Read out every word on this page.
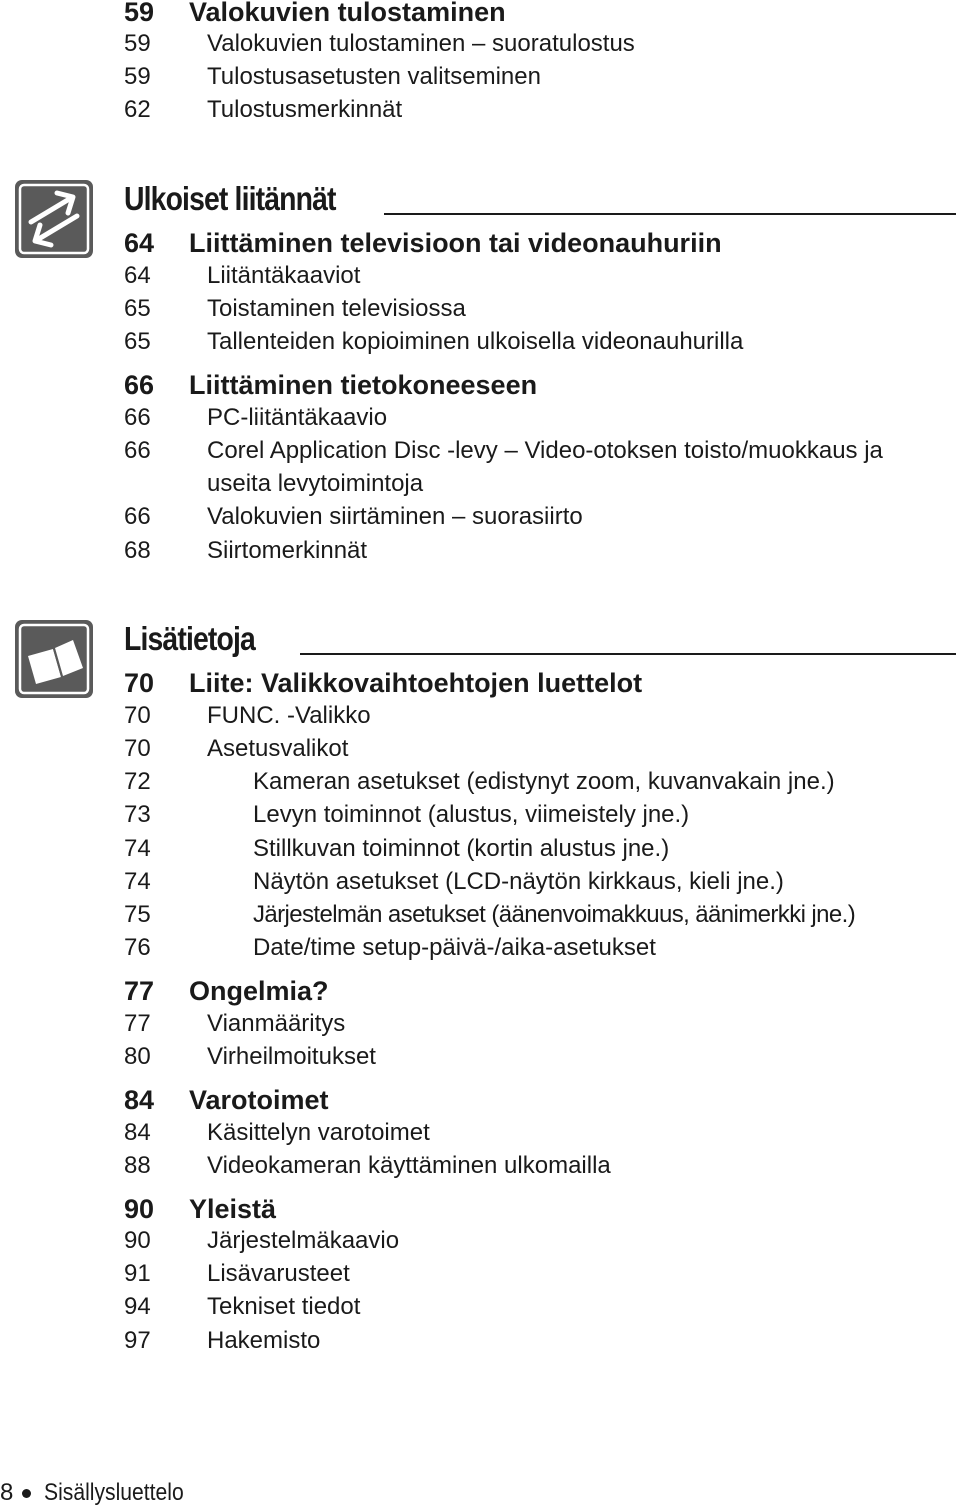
59 Valokuvien tulostaminen
59 Valokuvien tulostaminen – suoratulostus
59 Tulostusasetusten valitseminen
62 Tulostusmerkinnät
Ulkoiset liitännät
64 Liittäminen televisioon tai videonauhuriin
64 Liitäntäkaaviot
65 Toistaminen televisiossa
65 Tallenteiden kopioiminen ulkoisella videonauhurilla
66 Liittäminen tietokoneeseen
66 PC-liitäntäkaavio
66 Corel Application Disc -levy – Video-otoksen toisto/muokkaus ja useita levytoimintoja
66 Valokuvien siirtäminen – suorasiirto
68 Siirtomerkinnät
Lisätietoja
70 Liite: Valikkovaihtoehtojen luettelot
70 FUNC. -Valikko
70 Asetusvalikot
72	Kameran asetukset (edistynyt zoom, kuvanvakain jne.)
73	Levyn toiminnot (alustus, viimeistely jne.)
74	Stillkuvan toiminnot (kortin alustus jne.)
74	Näytön asetukset (LCD-näytön kirkkaus, kieli jne.)
75	Järjestelmän asetukset (äänenvoimakkuus, äänimerkki jne.)
76	Date/time setup-päivä-/aika-asetukset
77 Ongelmia?
77 Vianmääritys
80 Virheilmoitukset
84 Varotoimet
84 Käsittelyn varotoimet
88 Videokameran käyttäminen ulkomailla
90 Yleistä
90 Järjestelmäkaavio
91 Lisävarusteet
94 Tekniset tiedot
97 Hakemisto
8 Sisällysluettelo
